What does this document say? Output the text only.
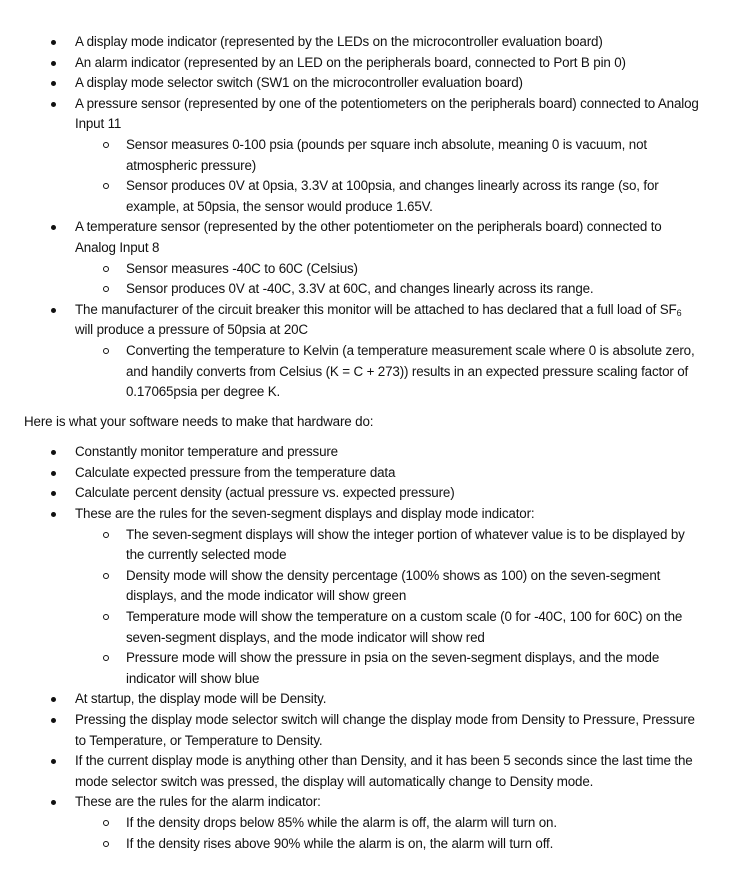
A display mode indicator (represented by the LEDs on the microcontroller evaluation board)
An alarm indicator (represented by an LED on the peripherals board, connected to Port B pin 0)
A display mode selector switch (SW1 on the microcontroller evaluation board)
A pressure sensor (represented by one of the potentiometers on the peripherals board) connected to Analog Input 11
Sensor measures 0-100 psia (pounds per square inch absolute, meaning 0 is vacuum, not atmospheric pressure)
Sensor produces 0V at 0psia, 3.3V at 100psia, and changes linearly across its range (so, for example, at 50psia, the sensor would produce 1.65V.
A temperature sensor (represented by the other potentiometer on the peripherals board) connected to Analog Input 8
Sensor measures -40C to 60C (Celsius)
Sensor produces 0V at -40C, 3.3V at 60C, and changes linearly across its range.
The manufacturer of the circuit breaker this monitor will be attached to has declared that a full load of $SF_6$ will produce a pressure of 50psia at 20C
Converting the temperature to Kelvin (a temperature measurement scale where 0 is absolute zero, and handily converts from Celsius (K = C + 273)) results in an expected pressure scaling factor of 0.17065psia per degree K.

Here is what your software needs to make that hardware do:

Constantly monitor temperature and pressure
Calculate expected pressure from the temperature data
Calculate percent density (actual pressure vs. expected pressure)
These are the rules for the seven-segment displays and display mode indicator:
The seven-segment displays will show the integer portion of whatever value is to be displayed by the currently selected mode
Density mode will show the density percentage (100% shows as 100) on the seven-segment displays, and the mode indicator will show green
Temperature mode will show the temperature on a custom scale (0 for -40C, 100 for 60C) on the seven-segment displays, and the mode indicator will show red
Pressure mode will show the pressure in psia on the seven-segment displays, and the mode indicator will show blue
At startup, the display mode will be Density.
Pressing the display mode selector switch will change the display mode from Density to Pressure, Pressure to Temperature, or Temperature to Density.
If the current display mode is anything other than Density, and it has been 5 seconds since the last time the mode selector switch was pressed, the display will automatically change to Density mode.
These are the rules for the alarm indicator:
If the density drops below 85% while the alarm is off, the alarm will turn on.
If the density rises above 90% while the alarm is on, the alarm will turn off.
